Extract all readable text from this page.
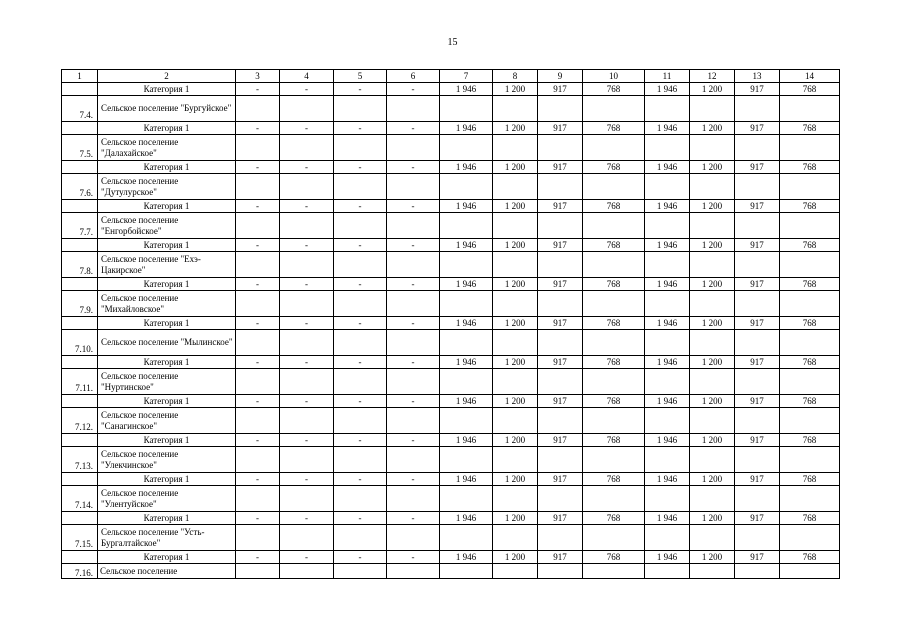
15
1	2	3	4	5	6	7	8	9	10	11	12	13	14
	Категория 1	-	-	-	-	1 946	1 200	917	768	1 946	1 200	917	768
7.4.	Сельское поселение "Бургуйское"												
	Категория 1	-	-	-	-	1 946	1 200	917	768	1 946	1 200	917	768
7.5.	Сельское поселение "Далахайское"												
	Категория 1	-	-	-	-	1 946	1 200	917	768	1 946	1 200	917	768
7.6.	Сельское поселение "Дутулурское"												
	Категория 1	-	-	-	-	1 946	1 200	917	768	1 946	1 200	917	768
7.7.	Сельское поселение "Енгорбойское"												
	Категория 1	-	-	-	-	1 946	1 200	917	768	1 946	1 200	917	768
7.8.	Сельское поселение "Ехэ-Цакирское"												
	Категория 1	-	-	-	-	1 946	1 200	917	768	1 946	1 200	917	768
7.9.	Сельское поселение "Михайловское"												
	Категория 1	-	-	-	-	1 946	1 200	917	768	1 946	1 200	917	768
7.10.	Сельское поселение "Мылинское"												
	Категория 1	-	-	-	-	1 946	1 200	917	768	1 946	1 200	917	768
7.11.	Сельское поселение "Нуртинское"												
	Категория 1	-	-	-	-	1 946	1 200	917	768	1 946	1 200	917	768
7.12.	Сельское поселение "Санагинское"												
	Категория 1	-	-	-	-	1 946	1 200	917	768	1 946	1 200	917	768
7.13.	Сельское поселение "Улекчинское"												
	Категория 1	-	-	-	-	1 946	1 200	917	768	1 946	1 200	917	768
7.14.	Сельское поселение "Улентуйское"												
	Категория 1	-	-	-	-	1 946	1 200	917	768	1 946	1 200	917	768
7.15.	Сельское поселение "Усть-Бургалтайское"												
	Категория 1	-	-	-	-	1 946	1 200	917	768	1 946	1 200	917	768
7.16.	Сельское поселение												
